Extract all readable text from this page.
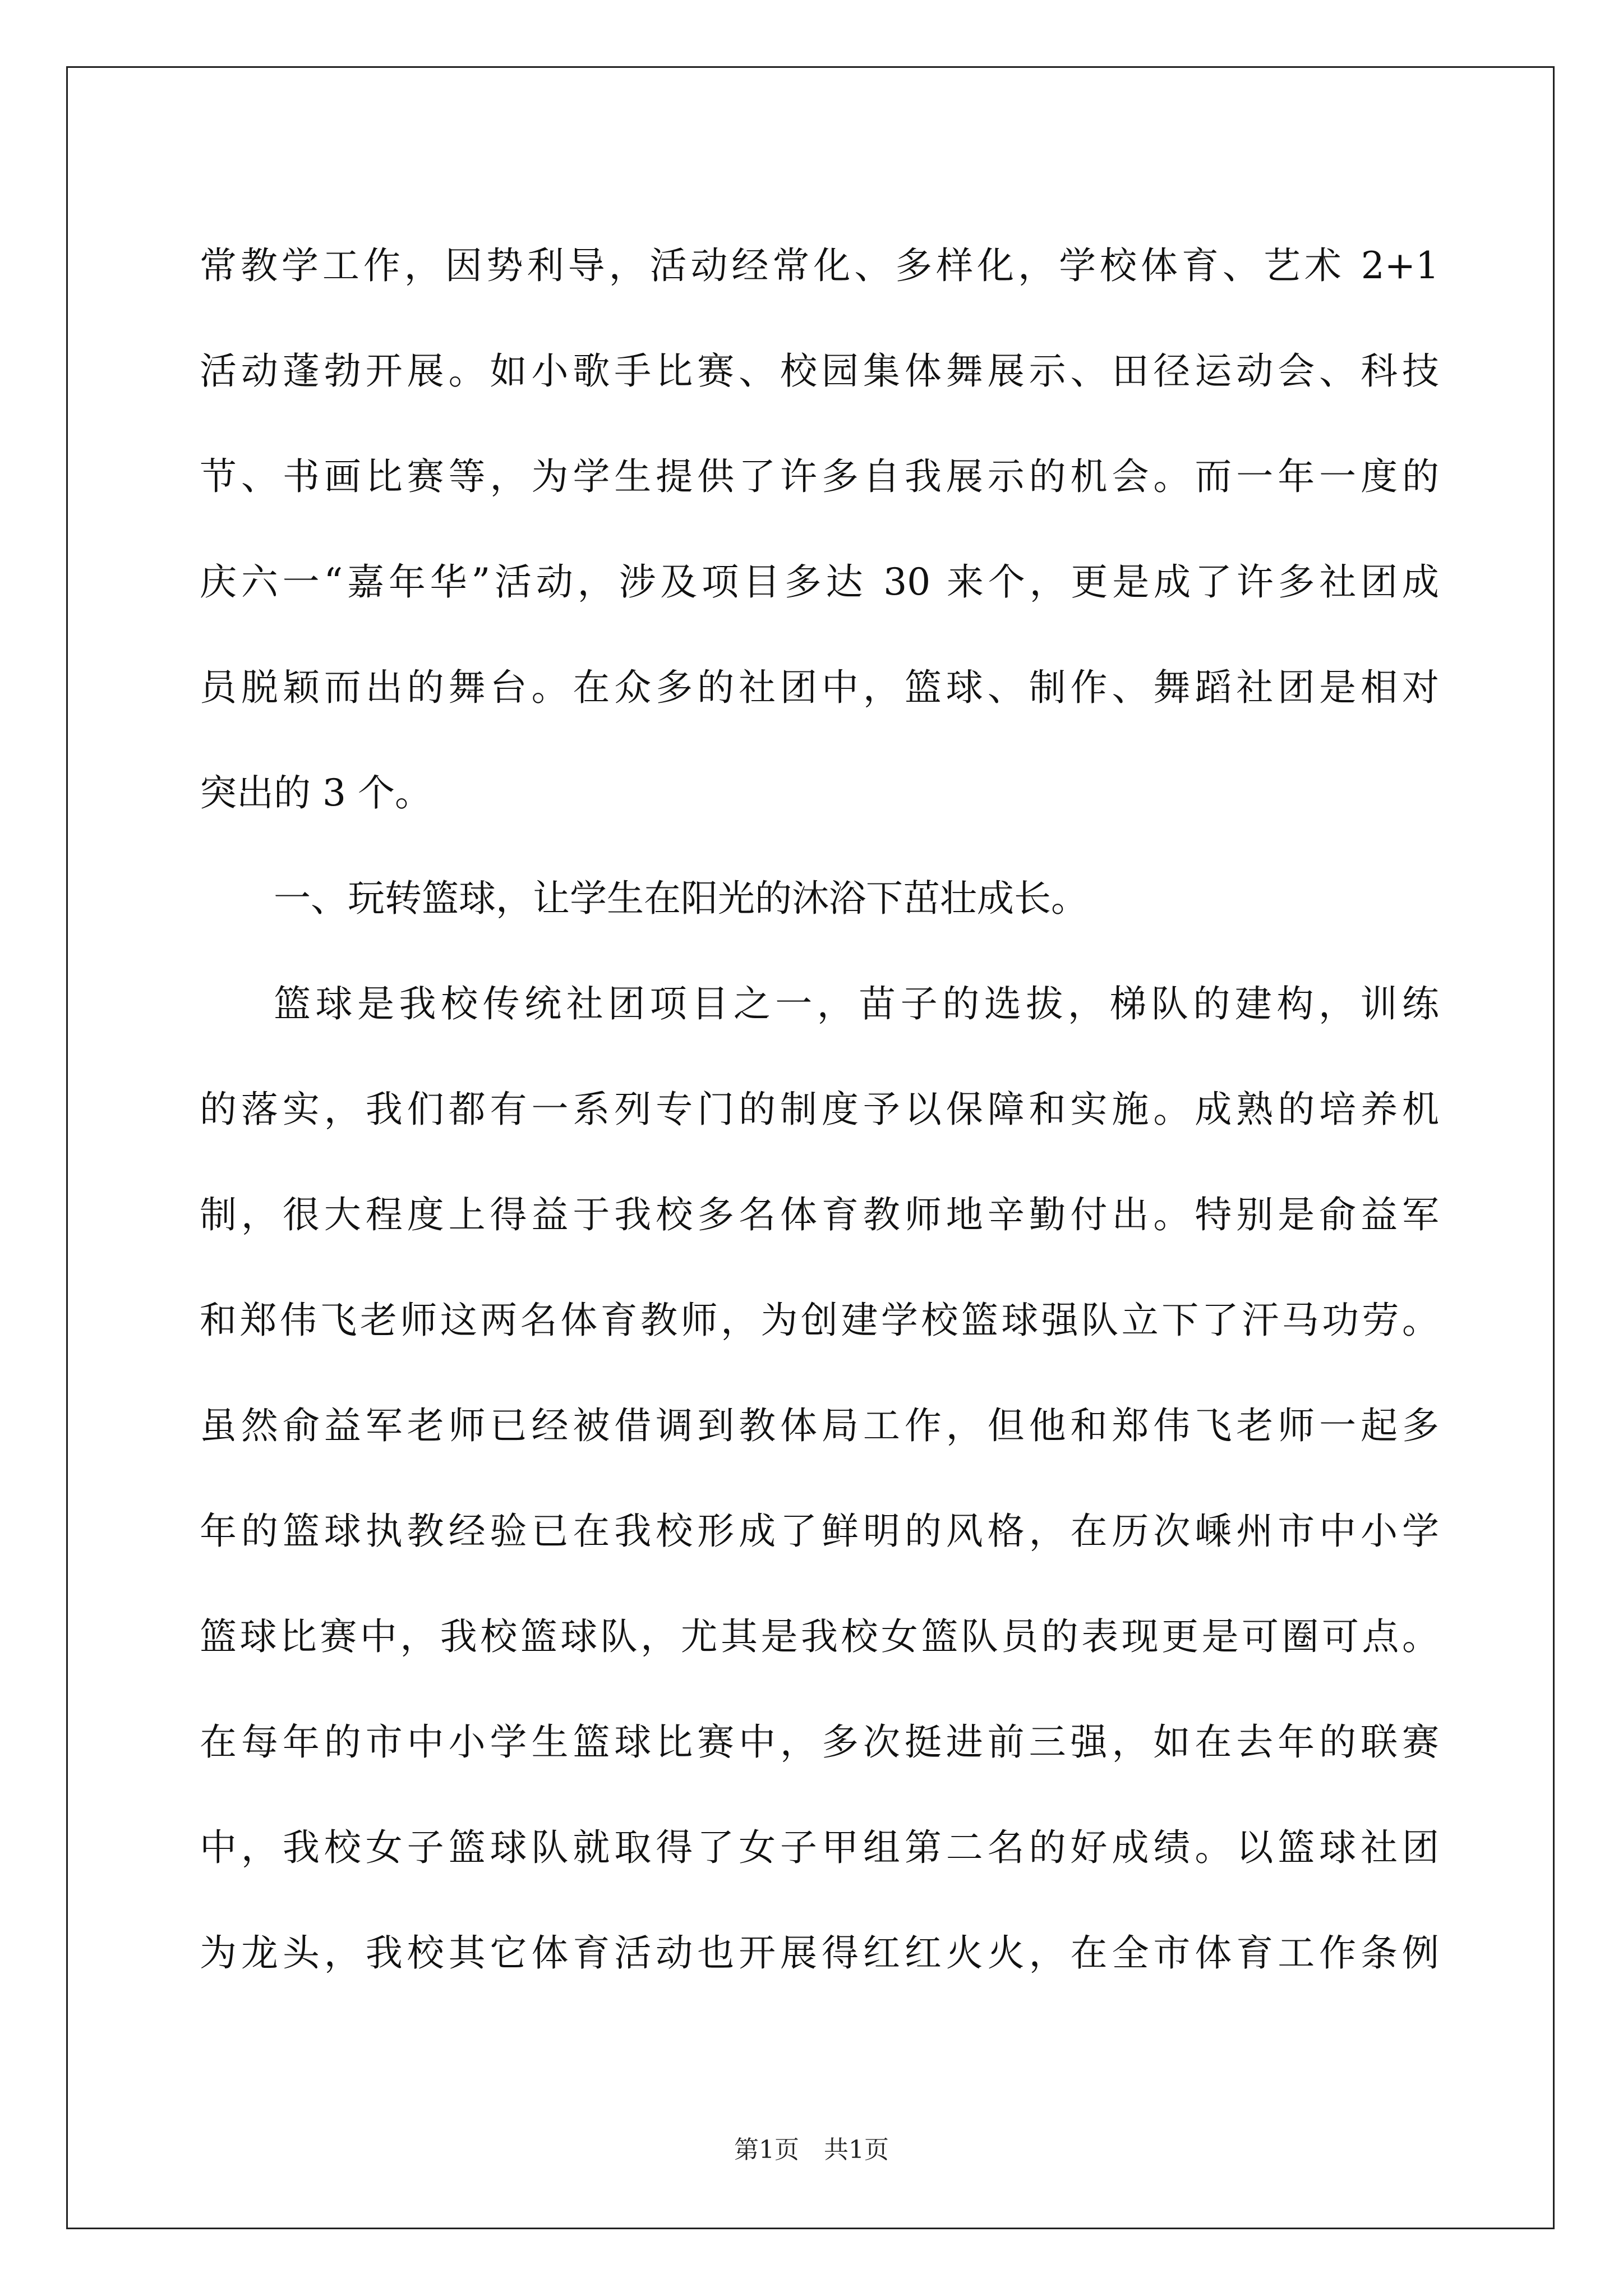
常教学工作，因势利导，活动经常化、多样化，学校体育、艺术 2+1
活动蓬勃开展。如小歌手比赛、校园集体舞展示、田径运动会、科技
节、书画比赛等，为学生提供了许多自我展示的机会。而一年一度的
庆六一“嘉年华”活动，涉及项目多达 30 来个，更是成了许多社团成
员脱颖而出的舞台。在众多的社团中，篮球、制作、舞蹈社团是相对
突出的 3 个。
一、玩转篮球，让学生在阳光的沐浴下茁壮成长。
篮球是我校传统社团项目之一，苗子的选拔，梯队的建构，训练
的落实，我们都有一系列专门的制度予以保障和实施。成熟的培养机
制，很大程度上得益于我校多名体育教师地辛勤付出。特别是俞益军
和郑伟飞老师这两名体育教师，为创建学校篮球强队立下了汗马功劳。
虽然俞益军老师已经被借调到教体局工作，但他和郑伟飞老师一起多
年的篮球执教经验已在我校形成了鲜明的风格，在历次嵊州市中小学
篮球比赛中，我校篮球队，尤其是我校女篮队员的表现更是可圈可点。
在每年的市中小学生篮球比赛中，多次挺进前三强，如在去年的联赛
中，我校女子篮球队就取得了女子甲组第二名的好成绩。以篮球社团
为龙头，我校其它体育活动也开展得红红火火，在全市体育工作条例
第1页 共1页
